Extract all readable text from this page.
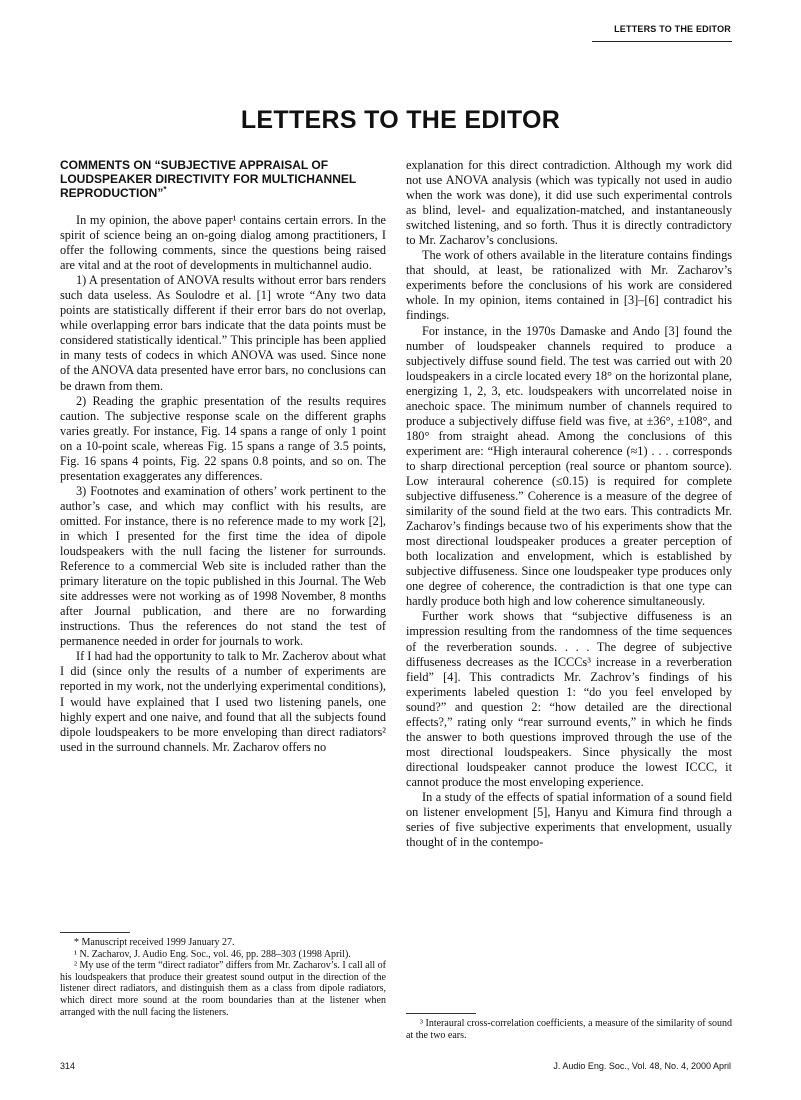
LETTERS TO THE EDITOR
LETTERS TO THE EDITOR
COMMENTS ON “SUBJECTIVE APPRAISAL OF LOUDSPEAKER DIRECTIVITY FOR MULTICHANNEL REPRODUCTION”*

In my opinion, the above paper¹ contains certain errors. In the spirit of science being an on-going dialog among practitioners, I offer the following comments, since the questions being raised are vital and at the root of developments in multichannel audio.

1) A presentation of ANOVA results without error bars renders such data useless. As Soulodre et al. [1] wrote “Any two data points are statistically different if their error bars do not overlap, while overlapping error bars indicate that the data points must be considered statistically identical.” This principle has been applied in many tests of codecs in which ANOVA was used. Since none of the ANOVA data presented have error bars, no conclusions can be drawn from them.

2) Reading the graphic presentation of the results requires caution. The subjective response scale on the different graphs varies greatly. For instance, Fig. 14 spans a range of only 1 point on a 10-point scale, whereas Fig. 15 spans a range of 3.5 points, Fig. 16 spans 4 points, Fig. 22 spans 0.8 points, and so on. The presentation exaggerates any differences.

3) Footnotes and examination of others’ work pertinent to the author’s case, and which may conflict with his results, are omitted. For instance, there is no reference made to my work [2], in which I presented for the first time the idea of dipole loudspeakers with the null facing the listener for surrounds. Reference to a commercial Web site is included rather than the primary literature on the topic published in this Journal. The Web site addresses were not working as of 1998 November, 8 months after Journal publication, and there are no forwarding instructions. Thus the references do not stand the test of permanence needed in order for journals to work.

If I had had the opportunity to talk to Mr. Zacherov about what I did (since only the results of a number of experiments are reported in my work, not the underlying experimental conditions), I would have explained that I used two listening panels, one highly expert and one naive, and found that all the subjects found dipole loudspeakers to be more enveloping than direct radiators² used in the surround channels. Mr. Zacharov offers no

explanation for this direct contradiction. Although my work did not use ANOVA analysis (which was typically not used in audio when the work was done), it did use such experimental controls as blind, level- and equalization-matched, and instantaneously switched listening, and so forth. Thus it is directly contradictory to Mr. Zacharov’s conclusions.

The work of others available in the literature contains findings that should, at least, be rationalized with Mr. Zacharov’s experiments before the conclusions of his work are considered whole. In my opinion, items contained in [3]–[6] contradict his findings.

For instance, in the 1970s Damaske and Ando [3] found the number of loudspeaker channels required to produce a subjectively diffuse sound field. The test was carried out with 20 loudspeakers in a circle located every 18° on the horizontal plane, energizing 1, 2, 3, etc. loudspeakers with uncorrelated noise in anechoic space. The minimum number of channels required to produce a subjectively diffuse field was five, at ±36°, ±108°, and 180° from straight ahead. Among the conclusions of this experiment are: “High interaural coherence (≈1) . . . corresponds to sharp directional perception (real source or phantom source). Low interaural coherence (≤0.15) is required for complete subjective diffuseness.” Coherence is a measure of the degree of similarity of the sound field at the two ears. This contradicts Mr. Zacharov’s findings because two of his experiments show that the most directional loudspeaker produces a greater perception of both localization and envelopment, which is established by subjective diffuseness. Since one loudspeaker type produces only one degree of coherence, the contradiction is that one type can hardly produce both high and low coherence simultaneously.

Further work shows that “subjective diffuseness is an impression resulting from the randomness of the time sequences of the reverberation sounds. . . . The degree of subjective diffuseness decreases as the ICCCs³ increase in a reverberation field” [4]. This contradicts Mr. Zachrov’s findings of his experiments labeled question 1: “do you feel enveloped by sound?” and question 2: “how detailed are the directional effects?,” rating only “rear surround events,” in which he finds the answer to both questions improved through the use of the most directional loudspeakers. Since physically the most directional loudspeaker cannot produce the lowest ICCC, it cannot produce the most enveloping experience.

In a study of the effects of spatial information of a sound field on listener envelopment [5], Hanyu and Kimura find through a series of five subjective experiments that envelopment, usually thought of in the contempo-

* Manuscript received 1999 January 27.

¹ N. Zacharov, J. Audio Eng. Soc., vol. 46, pp. 288–303 (1998 April).

² My use of the term “direct radiator” differs from Mr. Zacharov’s. I call all of his loudspeakers that produce their greatest sound output in the direction of the listener direct radiators, and distinguish them as a class from dipole radiators, which direct more sound at the room boundaries than at the listener when arranged with the null facing the listeners.

³ Interaural cross-correlation coefficients, a measure of the similarity of sound at the two ears.

314	J. Audio Eng. Soc., Vol. 48, No. 4, 2000 April
